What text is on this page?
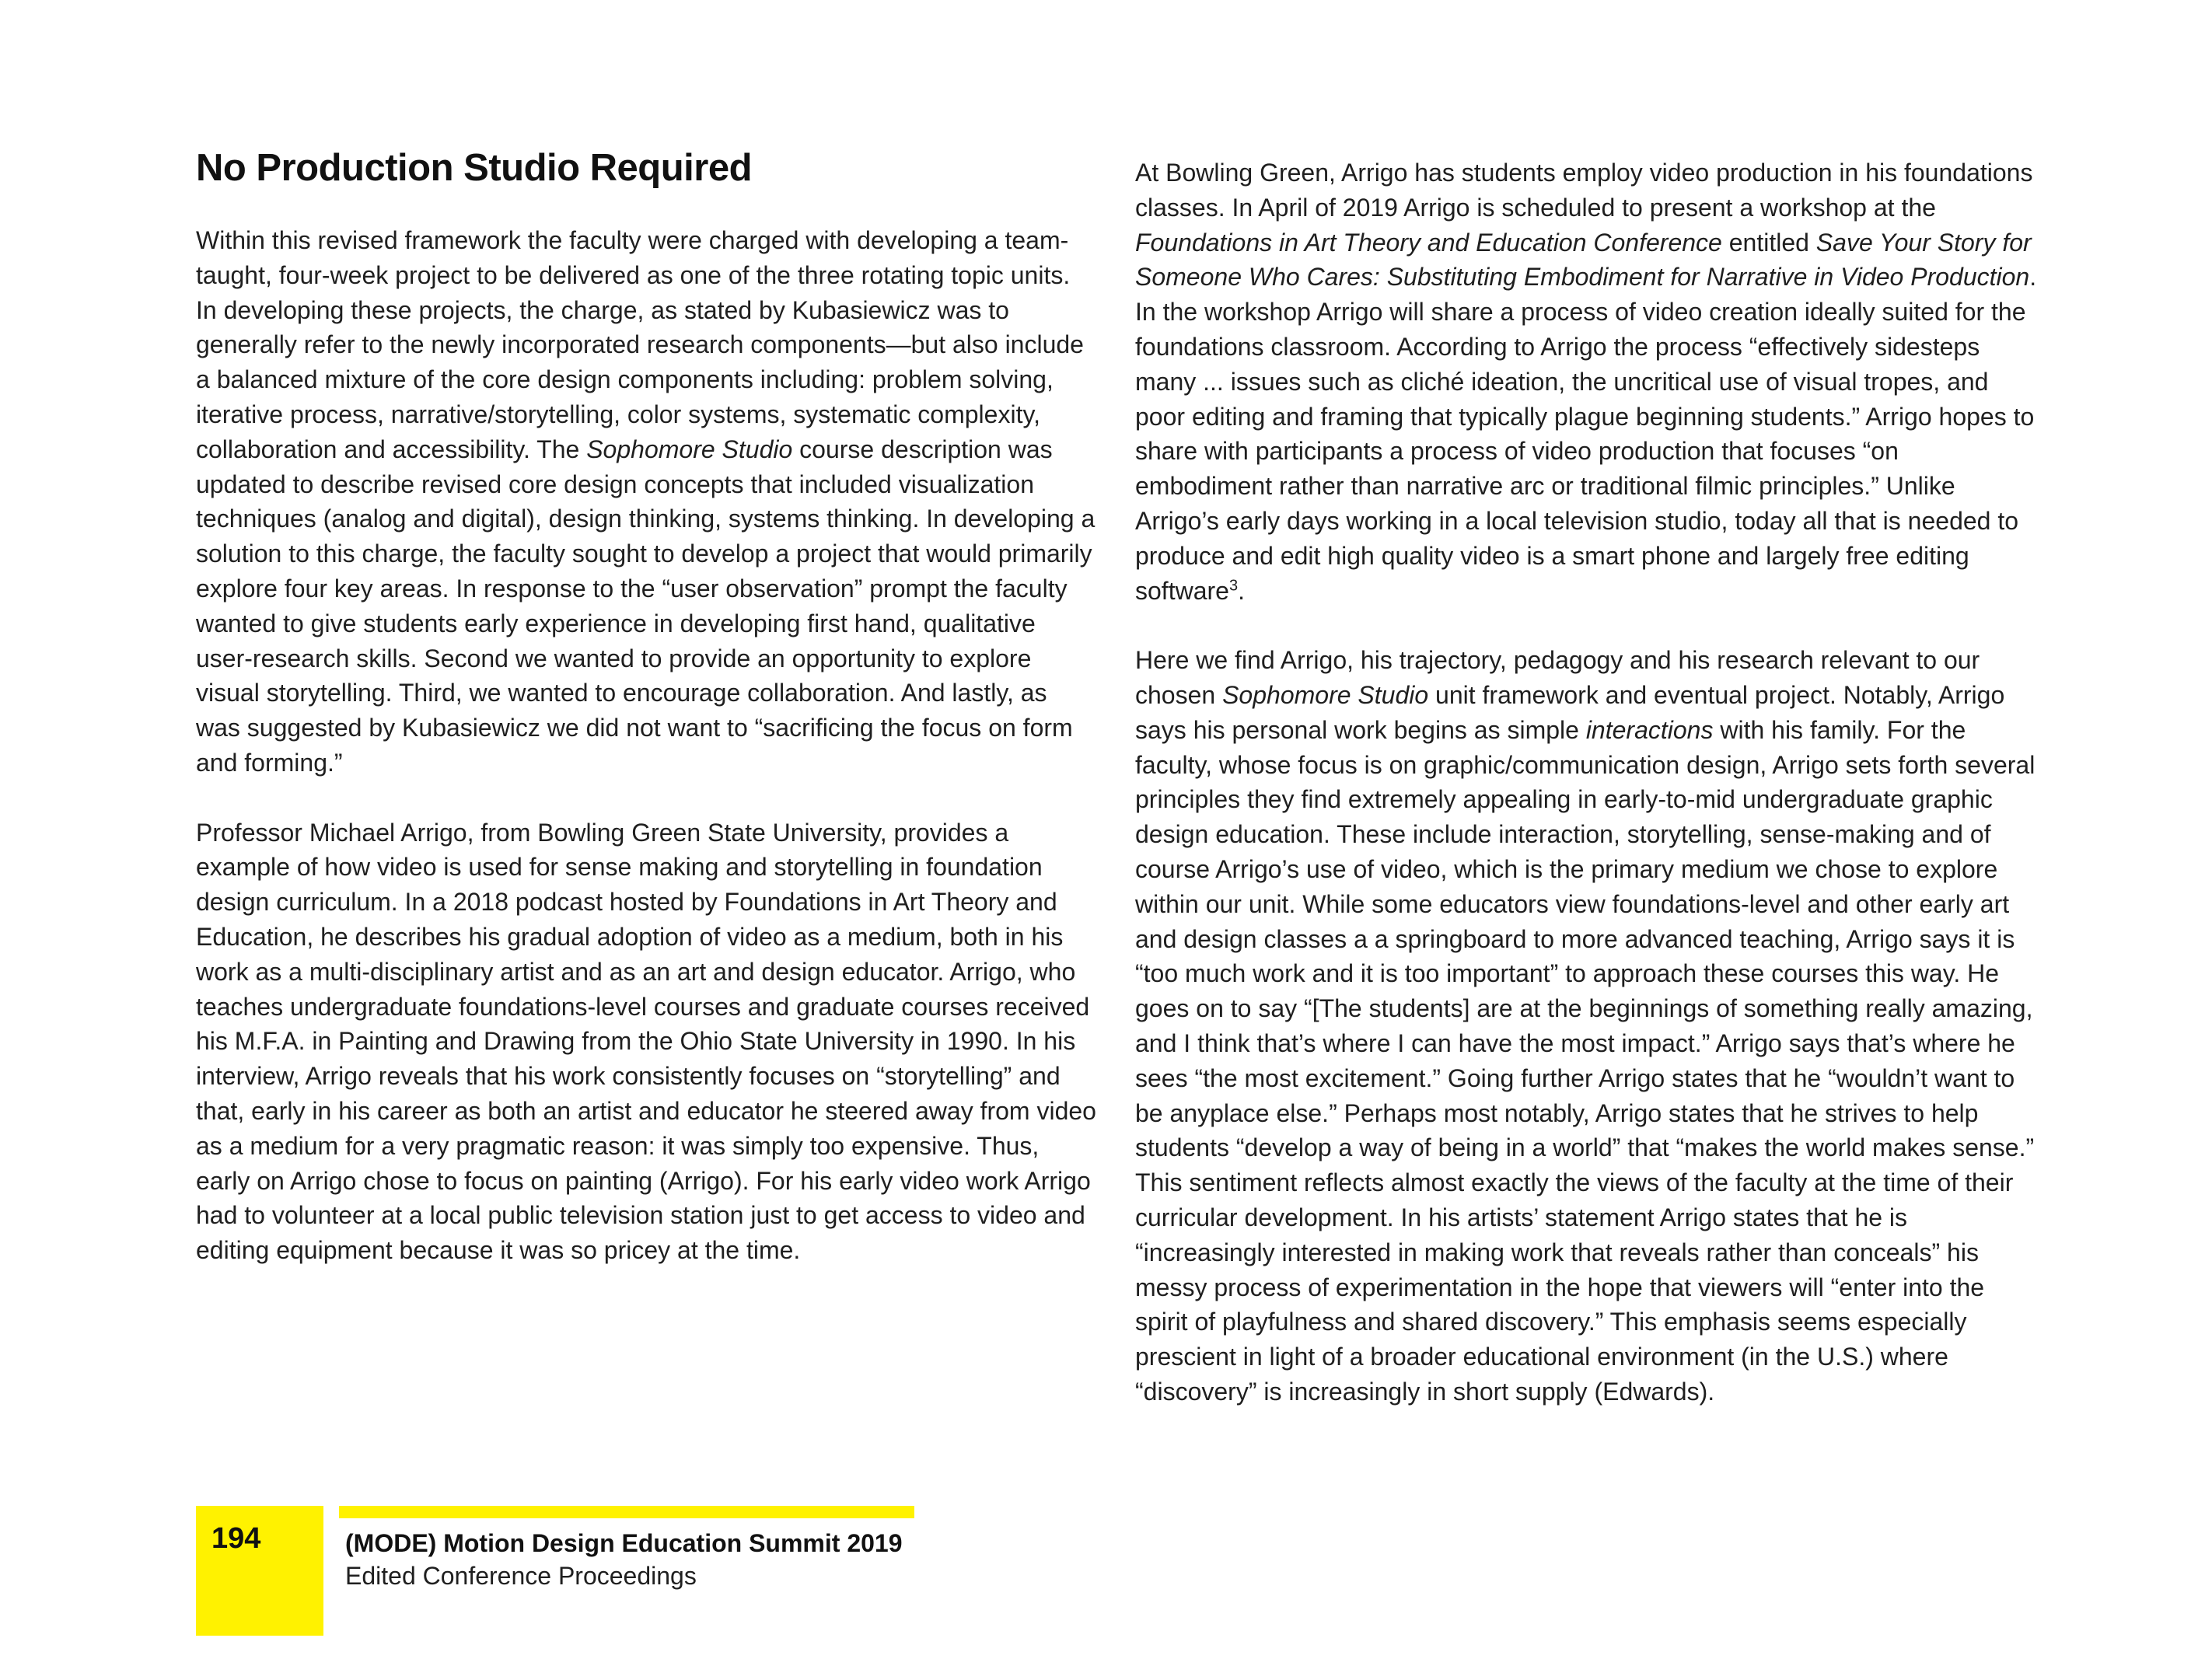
No Production Studio Required

Within this revised framework the faculty were charged with developing a team-taught, four-week project to be delivered as one of the three rotating topic units. In developing these projects, the charge, as stated by Kubasiewicz was to generally refer to the newly incorporated research components—but also include a balanced mixture of the core design components including: problem solving, iterative process, narrative/storytelling, color systems, systematic complexity, collaboration and accessibility. The Sophomore Studio course description was updated to describe revised core design concepts that included visualization techniques (analog and digital), design thinking, systems thinking. In developing a solution to this charge, the faculty sought to develop a project that would primarily explore four key areas. In response to the “user observation” prompt the faculty wanted to give students early experience in developing first hand, qualitative user-research skills. Second we wanted to provide an opportunity to explore visual storytelling. Third, we wanted to encourage collaboration. And lastly, as was suggested by Kubasiewicz we did not want to “sacrificing the focus on form and forming.”

Professor Michael Arrigo, from Bowling Green State University, provides a example of how video is used for sense making and storytelling in foundation design curriculum. In a 2018 podcast hosted by Foundations in Art Theory and Education, he describes his gradual adoption of video as a medium, both in his work as a multi-disciplinary artist and as an art and design educator. Arrigo, who teaches undergraduate foundations-level courses and graduate courses received his M.F.A. in Painting and Drawing from the Ohio State University in 1990. In his interview, Arrigo reveals that his work consistently focuses on “storytelling” and that, early in his career as both an artist and educator he steered away from video as a medium for a very pragmatic reason: it was simply too expensive. Thus, early on Arrigo chose to focus on painting (Arrigo). For his early video work Arrigo had to volunteer at a local public television station just to get access to video and editing equipment because it was so pricey at the time.

At Bowling Green, Arrigo has students employ video production in his foundations classes. In April of 2019 Arrigo is scheduled to present a workshop at the Foundations in Art Theory and Education Conference entitled Save Your Story for Someone Who Cares: Substituting Embodiment for Narrative in Video Production. In the workshop Arrigo will share a process of video creation ideally suited for the foundations classroom. According to Arrigo the process “effectively sidesteps many ... issues such as cliché ideation, the uncritical use of visual tropes, and poor editing and framing that typically plague beginning students.” Arrigo hopes to share with participants a process of video production that focuses “on embodiment rather than narrative arc or traditional filmic principles.” Unlike Arrigo’s early days working in a local television studio, today all that is needed to produce and edit high quality video is a smart phone and largely free editing software$^3$.

Here we find Arrigo, his trajectory, pedagogy and his research relevant to our chosen Sophomore Studio unit framework and eventual project. Notably, Arrigo says his personal work begins as simple interactions with his family. For the faculty, whose focus is on graphic/communication design, Arrigo sets forth several principles they find extremely appealing in early-to-mid undergraduate graphic design education. These include interaction, storytelling, sense-making and of course Arrigo’s use of video, which is the primary medium we chose to explore within our unit. While some educators view foundations-level and other early art and design classes a a springboard to more advanced teaching, Arrigo says it is “too much work and it is too important” to approach these courses this way. He goes on to say “[The students] are at the beginnings of something really amazing, and I think that’s where I can have the most impact.” Arrigo says that’s where he sees “the most excitement.” Going further Arrigo states that he “wouldn’t want to be anyplace else.” Perhaps most notably, Arrigo states that he strives to help students “develop a way of being in a world” that “makes the world makes sense.” This sentiment reflects almost exactly the views of the faculty at the time of their curricular development. In his artists’ statement Arrigo states that he is “increasingly interested in making work that reveals rather than conceals” his messy process of experimentation in the hope that viewers will “enter into the spirit of playfulness and shared discovery.” This emphasis seems especially prescient in light of a broader educational environment (in the U.S.) where “discovery” is increasingly in short supply (Edwards).

194	(MODE) Motion Design Education Summit 2019
Edited Conference Proceedings
